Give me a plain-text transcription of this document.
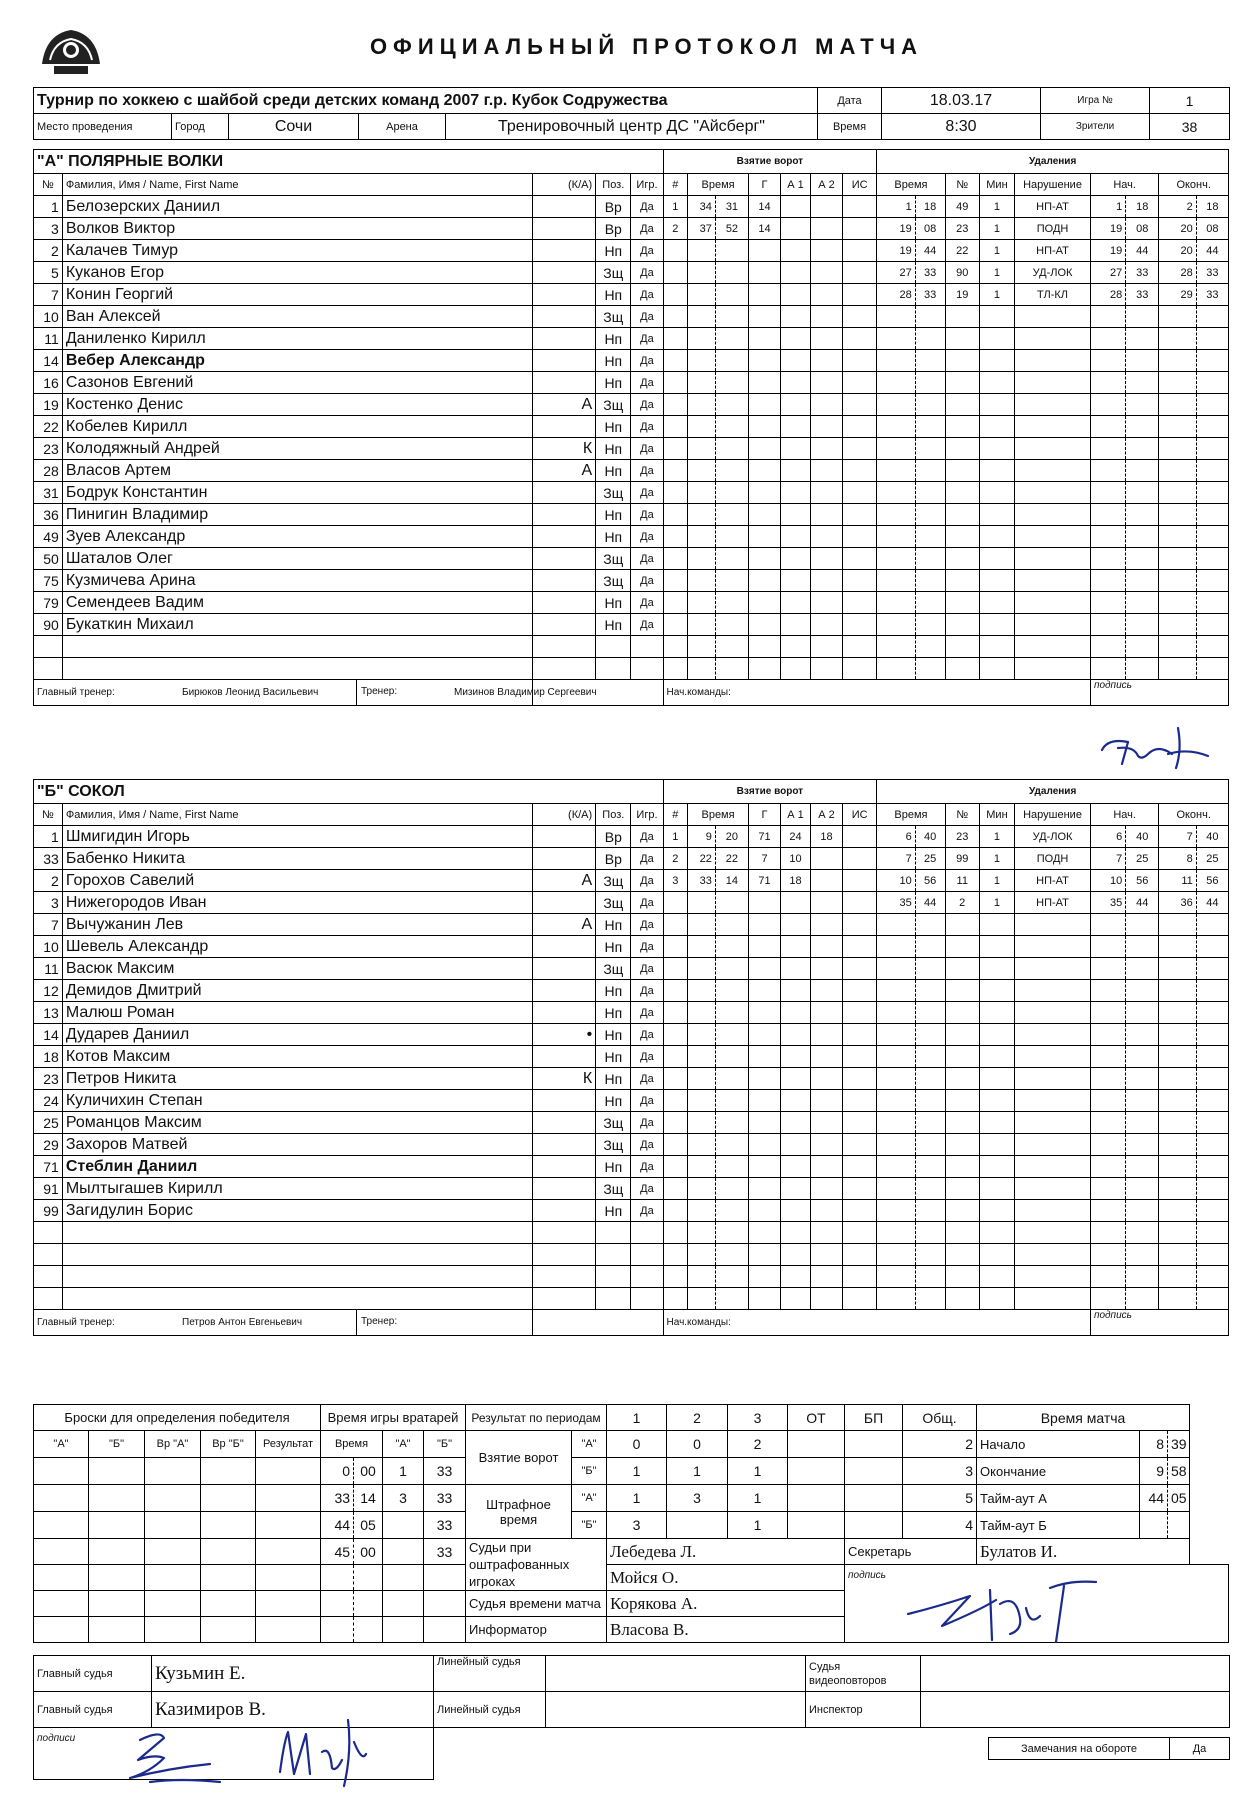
ОФИЦИАЛЬНЫЙ ПРОТОКОЛ МАТЧА
Турнир по хоккею с шайбой среди детских команд 2007 г.р. Кубок Содружества					Дата	18.03.17	Игра №	1
Место проведения	Город	Сочи	Арена	Тренировочный центр ДС "Айсберг"	Время	8:30	Зрители	38
"А" ПОЛЯРНЫЕ ВОЛКИ					Взятие ворот							Удаления								
№	Фамилия, Имя / Name, First Name	(К/А)	Поз.	Игр.	#	Время		Г	А 1	А 2	ИС	Время		№	Мин	Нарушение	Нач.		Оконч.	
1	Белозерских Даниил		Вр	Да	1	34	31	14				1	18	49	1	НП-АТ	1	18	2	18
3	Волков Виктор		Вр	Да	2	37	52	14				19	08	23	1	ПОДН	19	08	20	08
2	Калачев Тимур		Нп	Да								19	44	22	1	НП-АТ	19	44	20	44
5	Куканов Егор		Зщ	Да								27	33	90	1	УД-ЛОК	27	33	28	33
7	Конин Георгий		Нп	Да								28	33	19	1	ТЛ-КЛ	28	33	29	33
10	Ван Алексей		Зщ	Да																
11	Даниленко Кирилл		Нп	Да																
14	Вебер Александр		Нп	Да																
16	Сазонов Евгений		Нп	Да																
19	Костенко Денис	А	Зщ	Да																
22	Кобелев Кирилл		Нп	Да																
23	Колодяжный Андрей	К	Нп	Да																
28	Власов Артем	А	Нп	Да																
31	Бодрук Константин		Зщ	Да																
36	Пинигин Владимир		Нп	Да																
49	Зуев Александр		Нп	Да																
50	Шаталов Олег		Зщ	Да																
75	Кузмичева Арина		Зщ	Да																
79	Семендеев Вадим		Нп	Да																
90	Букаткин Михаил		Нп	Да																

Главный тренер: Бирюков Леонид Васильевич Тренер: Мизинов Владимир Сергеевич					Нач.команды:												подпись			
"Б" СОКОЛ					Взятие ворот							Удаления								
№	Фамилия, Имя / Name, First Name	(К/А)	Поз.	Игр.	#	Время		Г	А 1	А 2	ИС	Время		№	Мин	Нарушение	Нач.		Оконч.	
1	Шмигидин Игорь		Вр	Да	1	9	20	71	24	18		6	40	23	1	УД-ЛОК	6	40	7	40
33	Бабенко Никита		Вр	Да	2	22	22	7	10			7	25	99	1	ПОДН	7	25	8	25
2	Горохов Савелий	А	Зщ	Да	3	33	14	71	18			10	56	11	1	НП-АТ	10	56	11	56
3	Нижегородов Иван		Зщ	Да								35	44	2	1	НП-АТ	35	44	36	44
7	Вычужанин Лев	А	Нп	Да																
10	Шевель Александр		Нп	Да																
11	Васюк Максим		Зщ	Да																
12	Демидов Дмитрий		Нп	Да																
13	Малюш Роман		Нп	Да																
14	Дударев Даниил	•	Нп	Да																
18	Котов Максим		Нп	Да																
23	Петров Никита	К	Нп	Да																
24	Куличихин Степан		Нп	Да																
25	Романцов Максим		Зщ	Да																
29	Захоров Матвей		Зщ	Да																
71	Стеблин Даниил		Нп	Да																
91	Мылтыгашев Кирилл		Зщ	Да																
99	Загидулин Борис		Нп	Да																

Главный тренер: Петров Антон Евгеньевич Тренер:					Нач.команды:												подпись			
Броски для определения победителя					Время игры вратарей				Результат по периодам		1	2	3	ОТ	БП	Общ.	Время матча		
"А"	"Б"	Вр "А"	Вр "Б"	Результат	Время		"А"	"Б"	Взятие ворот	"А"	0	0	2			2	Начало	8	39
					0	00	1	33		"Б"	1	1	1			3	Окончание	9	58
					33	14	3	33	Штрафное время	"А"	1	3	1			5	Тайм-аут А	44	05
					44	05		33		"Б"	3		1			4	Тайм-аут Б		
					45	00		33	Судьи при оштрафованных игроках		Лебедева Л.				Секретарь		Булатов И.		
											Мойся О.				подпись				
									Судья времени матча		Корякова А.								
									Информатор		Власова В.								
Главный судья	Кузьмин Е.	Линейный судья		Судья
видеоповторов	
Главный судья	Казимиров В.	Линейный судья		Инспектор	
подписи					
Замечания на обороте	Да
